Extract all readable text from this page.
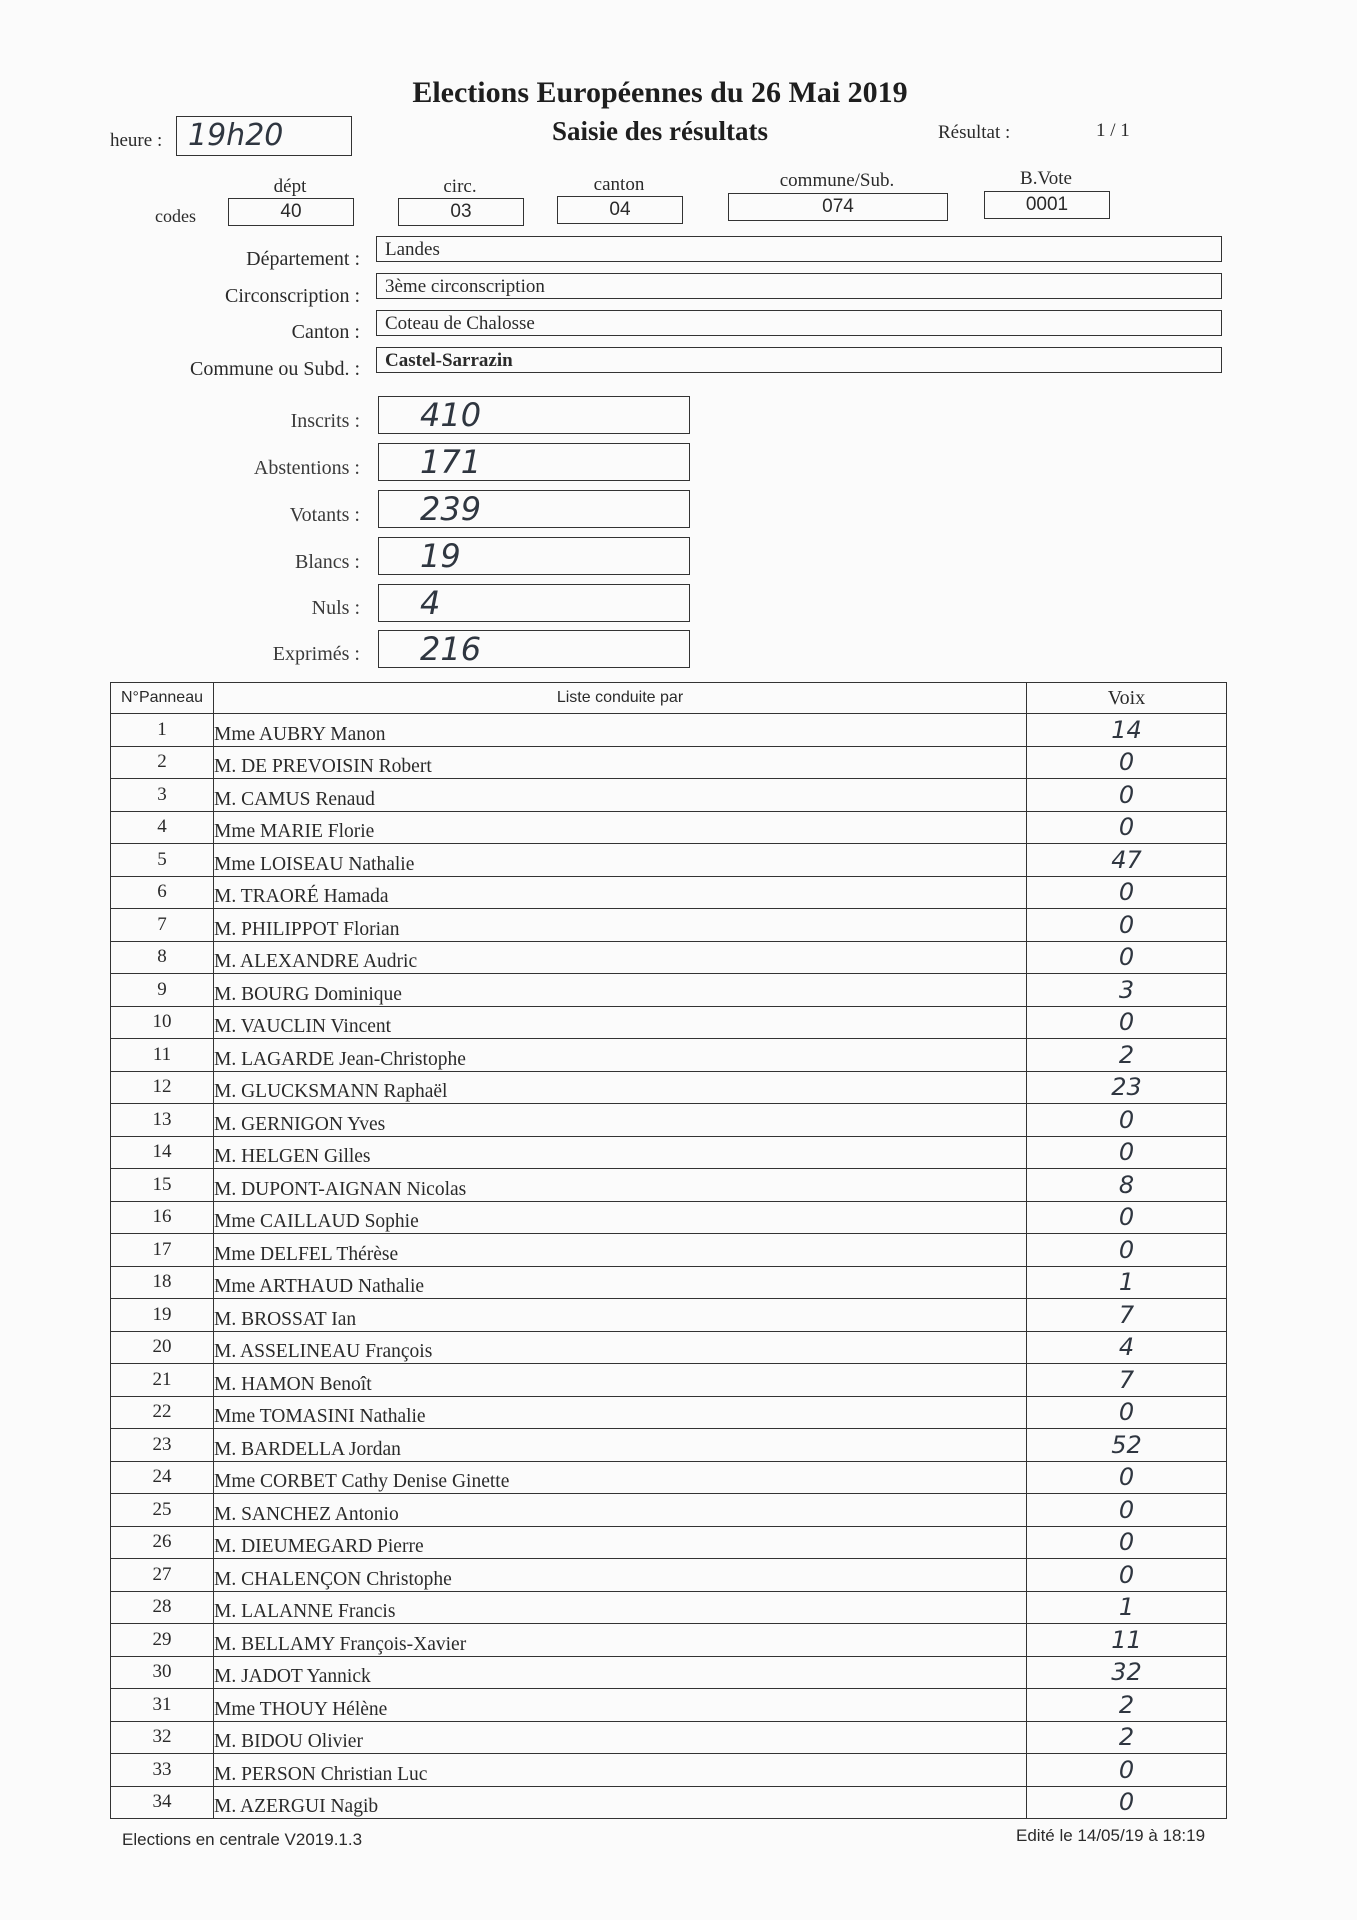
Elections Européennes du 26 Mai 2019
Saisie des résultats	Résultat :	1 / 1
heure : 19h20
codes
dépt
40
circ.
03
canton
04
commune/Sub.
074
B.Vote
0001
Département :	Landes
Circonscription :	3ème circonscription
Canton :	Coteau de Chalosse
Commune ou Subd. :	Castel-Sarrazin
Inscrits : 410
Abstentions : 171
Votants : 239
Blancs : 19
Nuls : 4
Exprimés : 216
N°Panneau	Liste conduite par	Voix
1	Mme AUBRY Manon	14
2	M. DE PREVOISIN Robert	0
3	M. CAMUS Renaud	0
4	Mme MARIE Florie	0
5	Mme LOISEAU Nathalie	47
6	M. TRAORÉ Hamada	0
7	M. PHILIPPOT Florian	0
8	M. ALEXANDRE Audric	0
9	M. BOURG Dominique	3
10	M. VAUCLIN Vincent	0
11	M. LAGARDE Jean-Christophe	2
12	M. GLUCKSMANN Raphaël	23
13	M. GERNIGON Yves	0
14	M. HELGEN Gilles	0
15	M. DUPONT-AIGNAN Nicolas	8
16	Mme CAILLAUD Sophie	0
17	Mme DELFEL Thérèse	0
18	Mme ARTHAUD Nathalie	1
19	M. BROSSAT Ian	7
20	M. ASSELINEAU François	4
21	M. HAMON Benoît	7
22	Mme TOMASINI Nathalie	0
23	M. BARDELLA Jordan	52
24	Mme CORBET Cathy Denise Ginette	0
25	M. SANCHEZ Antonio	0
26	M. DIEUMEGARD Pierre	0
27	M. CHALENÇON Christophe	0
28	M. LALANNE Francis	1
29	M. BELLAMY François-Xavier	11
30	M. JADOT Yannick	32
31	Mme THOUY Hélène	2
32	M. BIDOU Olivier	2
33	M. PERSON Christian Luc	0
34	M. AZERGUI Nagib	0
Elections en centrale V2019.1.3	Edité le 14/05/19 à 18:19
